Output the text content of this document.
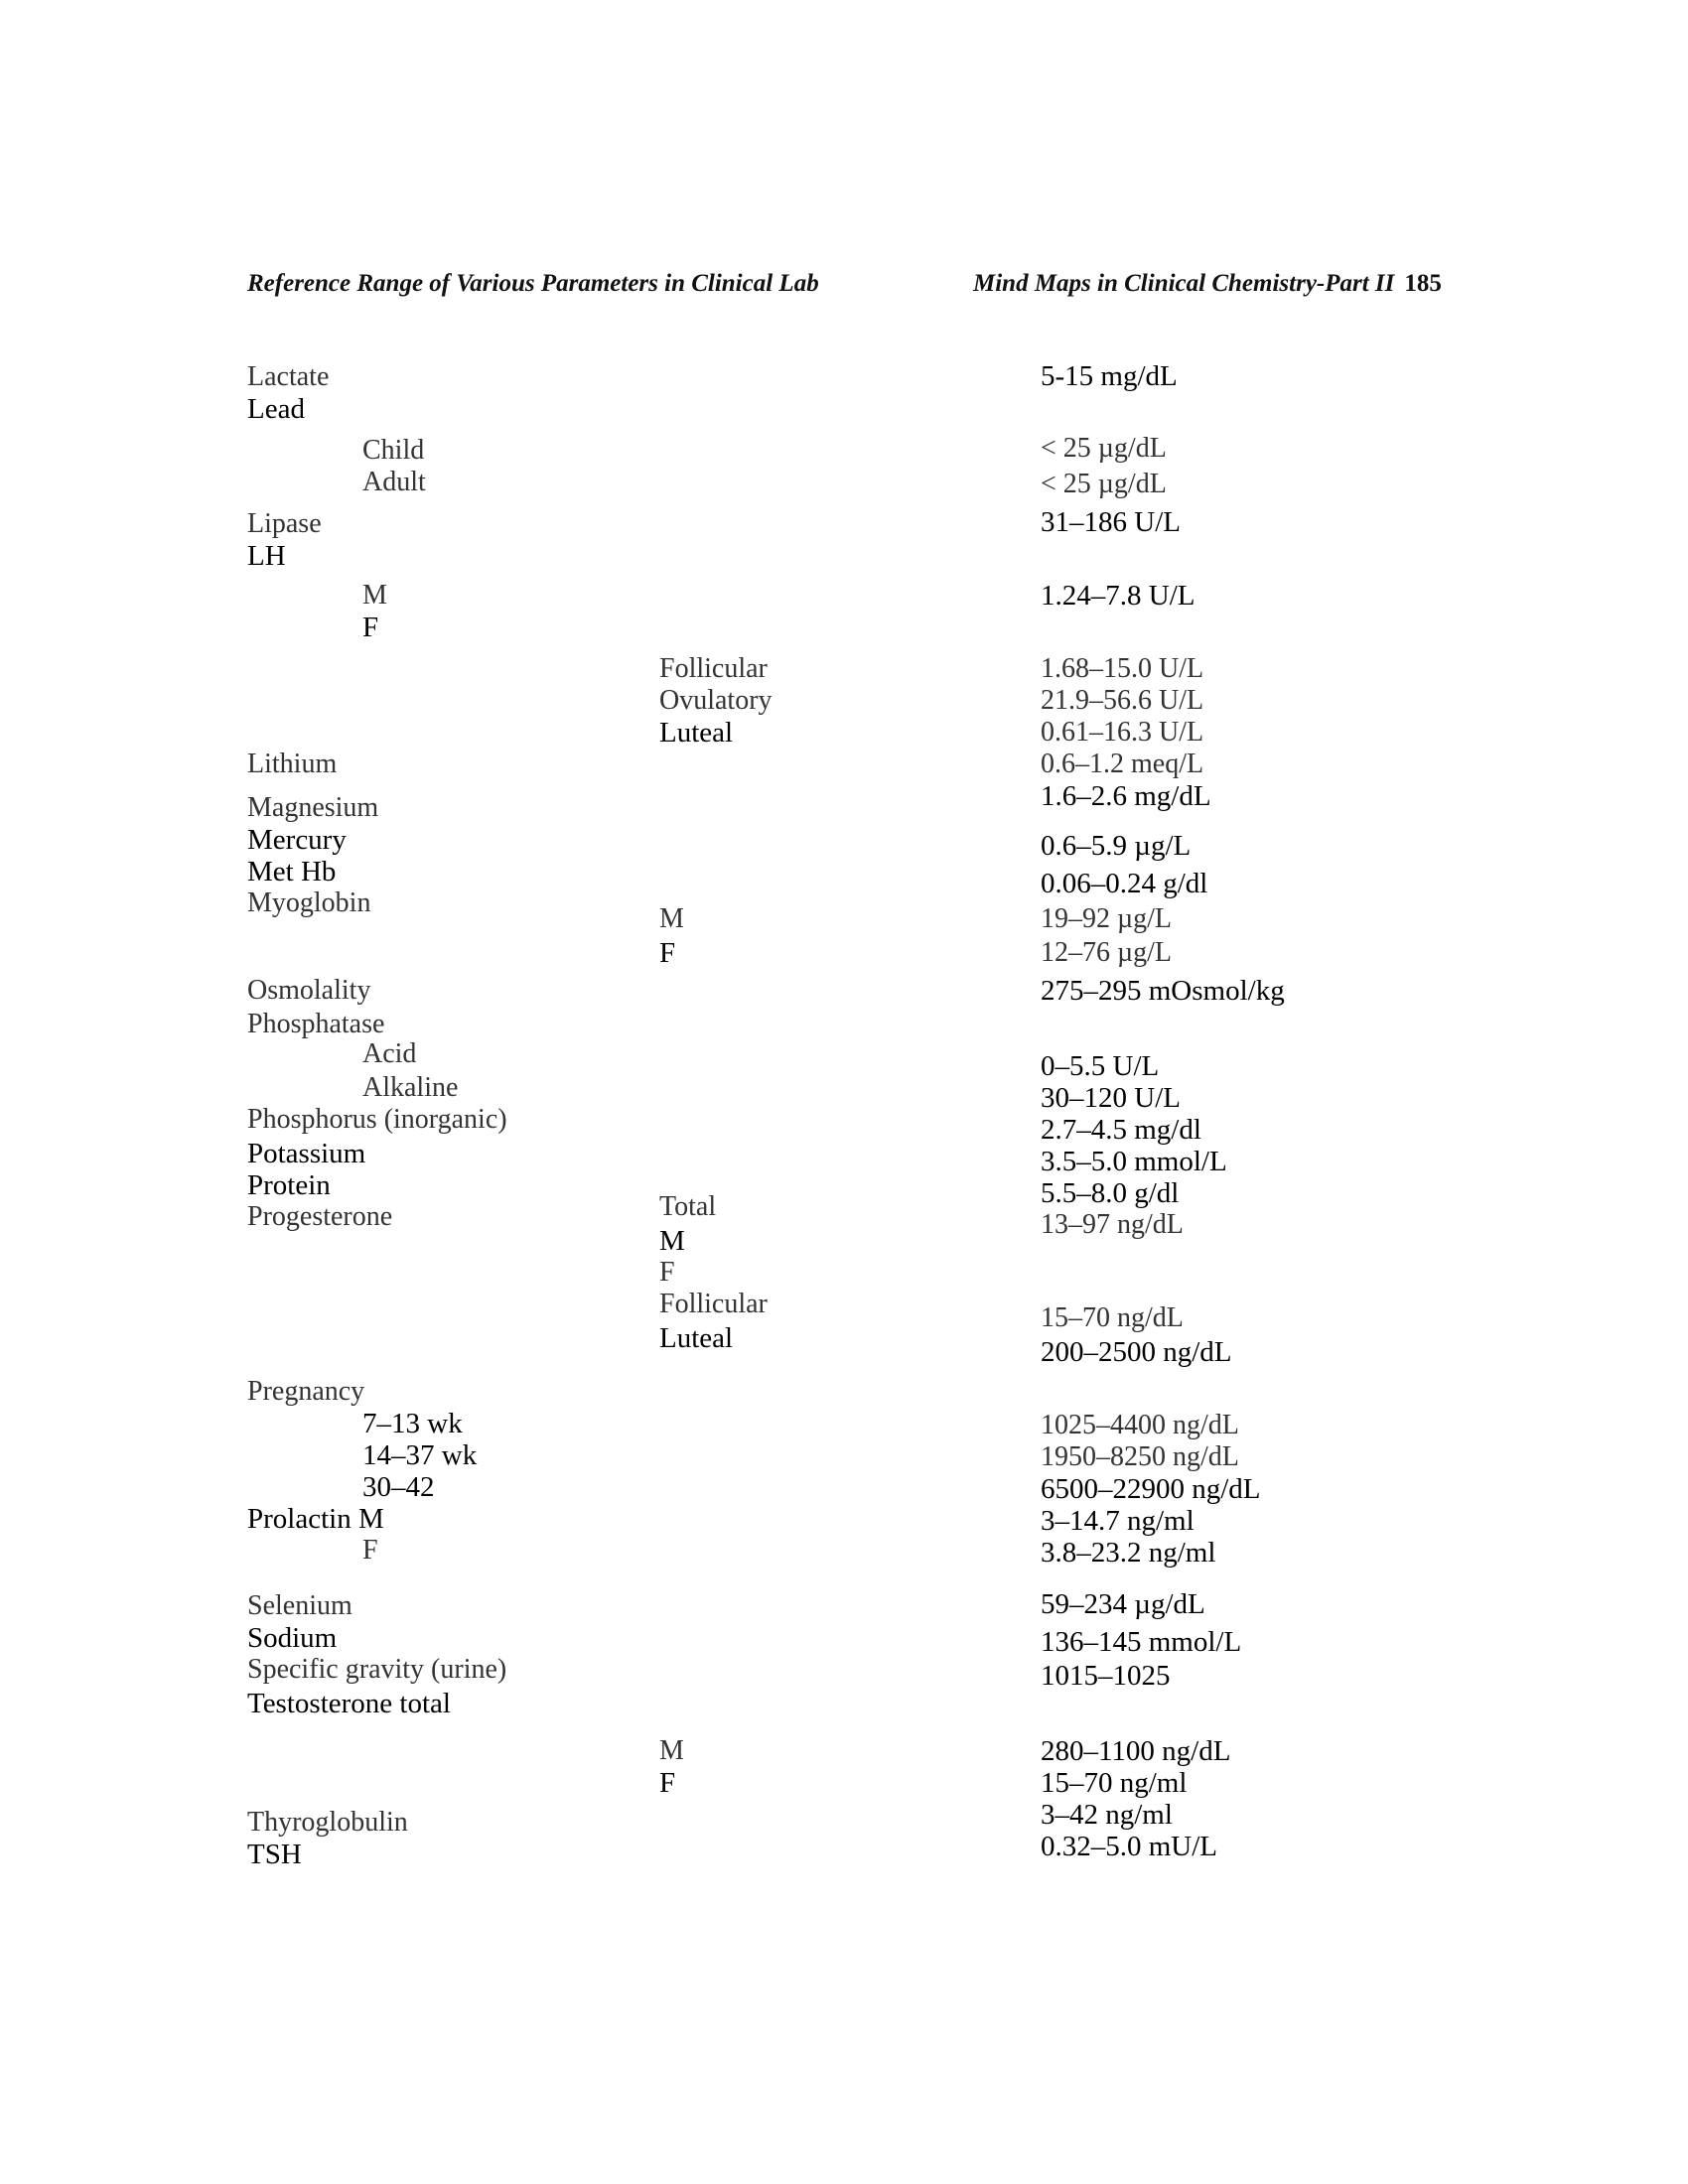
Reference Range of Various Parameters in Clinical Lab	Mind Maps in Clinical Chemistry-Part II 185
Lactate	5-15 mg/dL
Lead
Child	< 25 µg/dL
Adult	< 25 µg/dL
Lipase	31–186 U/L
LH
M	1.24–7.8 U/L
F
Follicular	1.68–15.0 U/L
Ovulatory	21.9–56.6 U/L
Luteal	0.61–16.3 U/L
Lithium	0.6–1.2 meq/L
Magnesium	1.6–2.6 mg/dL
Mercury	0.6–5.9 µg/L
Met Hb	0.06–0.24 g/dl
Myoglobin
M	19–92 µg/L
F	12–76 µg/L
Osmolality	275–295 mOsmol/kg
Phosphatase
Acid	0–5.5 U/L
Alkaline	30–120 U/L
Phosphorus (inorganic)	2.7–4.5 mg/dl
Potassium	3.5–5.0 mmol/L
Protein	5.5–8.0 g/dl
Progesterone	13–97 ng/dL
Total
M
F
Follicular	15–70 ng/dL
Luteal	200–2500 ng/dL
Pregnancy
7–13 wk	1025–4400 ng/dL
14–37 wk	1950–8250 ng/dL
30–42	6500–22900 ng/dL
Prolactin M	3–14.7 ng/ml
F	3.8–23.2 ng/ml
Selenium	59–234 µg/dL
Sodium	136–145 mmol/L
Specific gravity (urine)	1015–1025
Testosterone total
M	280–1100 ng/dL
F	15–70 ng/ml
Thyroglobulin	3–42 ng/ml
TSH	0.32–5.0 mU/L
